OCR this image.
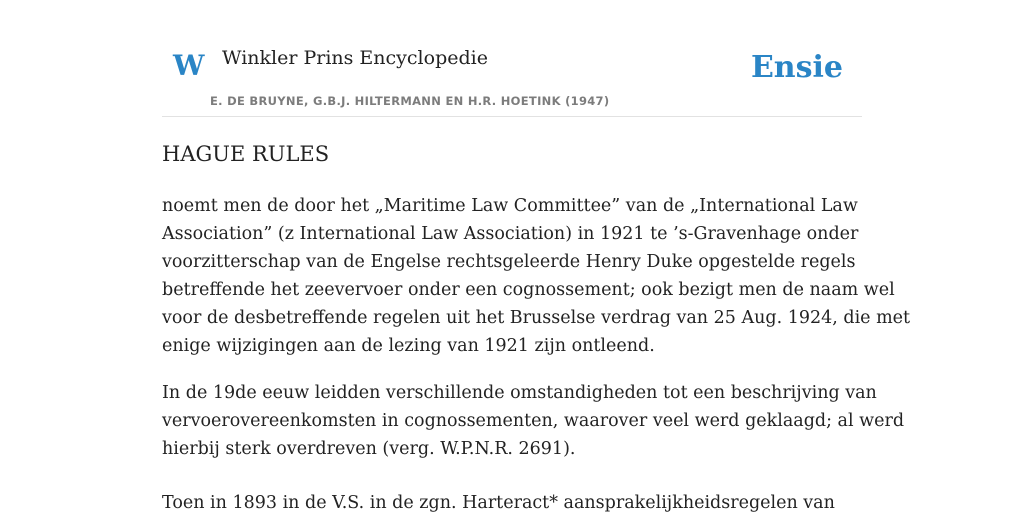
W Winkler Prins Encyclopedie
E. DE BRUYNE, G.B.J. HILTERMANN EN H.R. HOETINK (1947)
Ensie
HAGUE RULES

noemt men de door het „Maritime Law Committee” van de „International Law
Association” (z International Law Association) in 1921 te ’s-Gravenhage onder
voorzitterschap van de Engelse rechtsgeleerde Henry Duke opgestelde regels
betreffende het zeevervoer onder een cognossement; ook bezigt men de naam wel
voor de desbetreffende regelen uit het Brusselse verdrag van 25 Aug. 1924, die met
enige wijzigingen aan de lezing van 1921 zijn ontleend.

In de 19de eeuw leidden verschillende omstandigheden tot een beschrijving van
vervoerovereenkomsten in cognossementen, waarover veel werd geklaagd; al werd
hierbij sterk overdreven (verg. W.P.N.R. 2691).

Toen in 1893 in de V.S. in de zgn. Harteract* aansprakelijkheidsregelen van
